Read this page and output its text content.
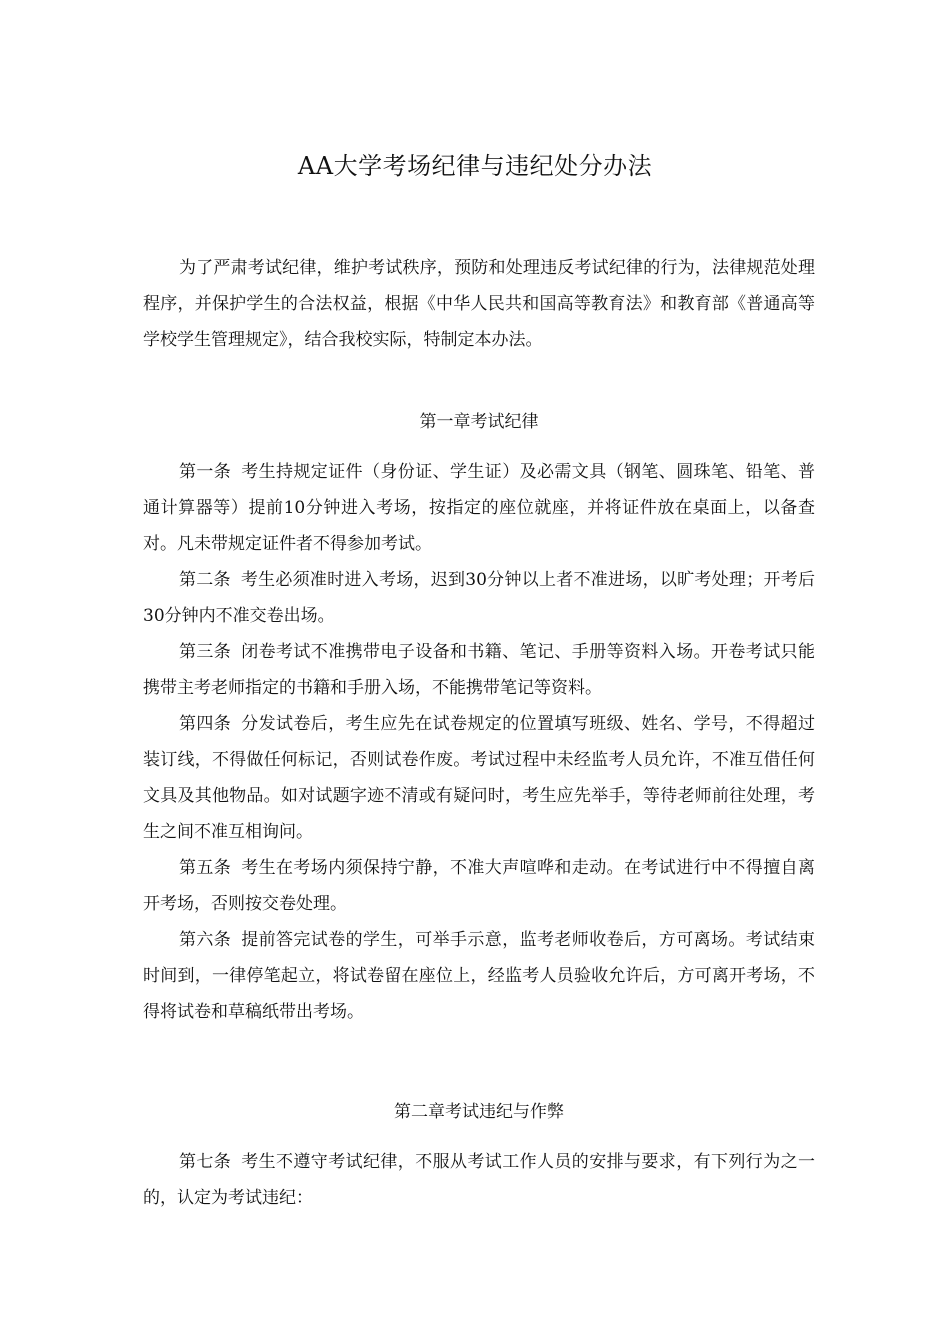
AA大学考场纪律与违纪处分办法

为了严肃考试纪律，维护考试秩序，预防和处理违反考试纪律的行为，法律规范处理程序，并保护学生的合法权益，根据《中华人民共和国高等教育法》和教育部《普通高等学校学生管理规定》，结合我校实际，特制定本办法。

第一章考试纪律

第一条 考生持规定证件（身份证、学生证）及必需文具（钢笔、圆珠笔、铅笔、普通计算器等）提前10分钟进入考场，按指定的座位就座，并将证件放在桌面上，以备查对。凡未带规定证件者不得参加考试。

第二条 考生必须准时进入考场，迟到30分钟以上者不准进场，以旷考处理；开考后30分钟内不准交卷出场。

第三条 闭卷考试不准携带电子设备和书籍、笔记、手册等资料入场。开卷考试只能携带主考老师指定的书籍和手册入场，不能携带笔记等资料。

第四条 分发试卷后，考生应先在试卷规定的位置填写班级、姓名、学号，不得超过装订线，不得做任何标记，否则试卷作废。考试过程中未经监考人员允许，不准互借任何文具及其他物品。如对试题字迹不清或有疑问时，考生应先举手，等待老师前往处理，考生之间不准互相询问。

第五条 考生在考场内须保持宁静，不准大声喧哗和走动。在考试进行中不得擅自离开考场，否则按交卷处理。

第六条 提前答完试卷的学生，可举手示意，监考老师收卷后，方可离场。考试结束时间到，一律停笔起立，将试卷留在座位上，经监考人员验收允许后，方可离开考场，不得将试卷和草稿纸带出考场。

第二章考试违纪与作弊

第七条 考生不遵守考试纪律，不服从考试工作人员的安排与要求，有下列行为之一的，认定为考试违纪：
